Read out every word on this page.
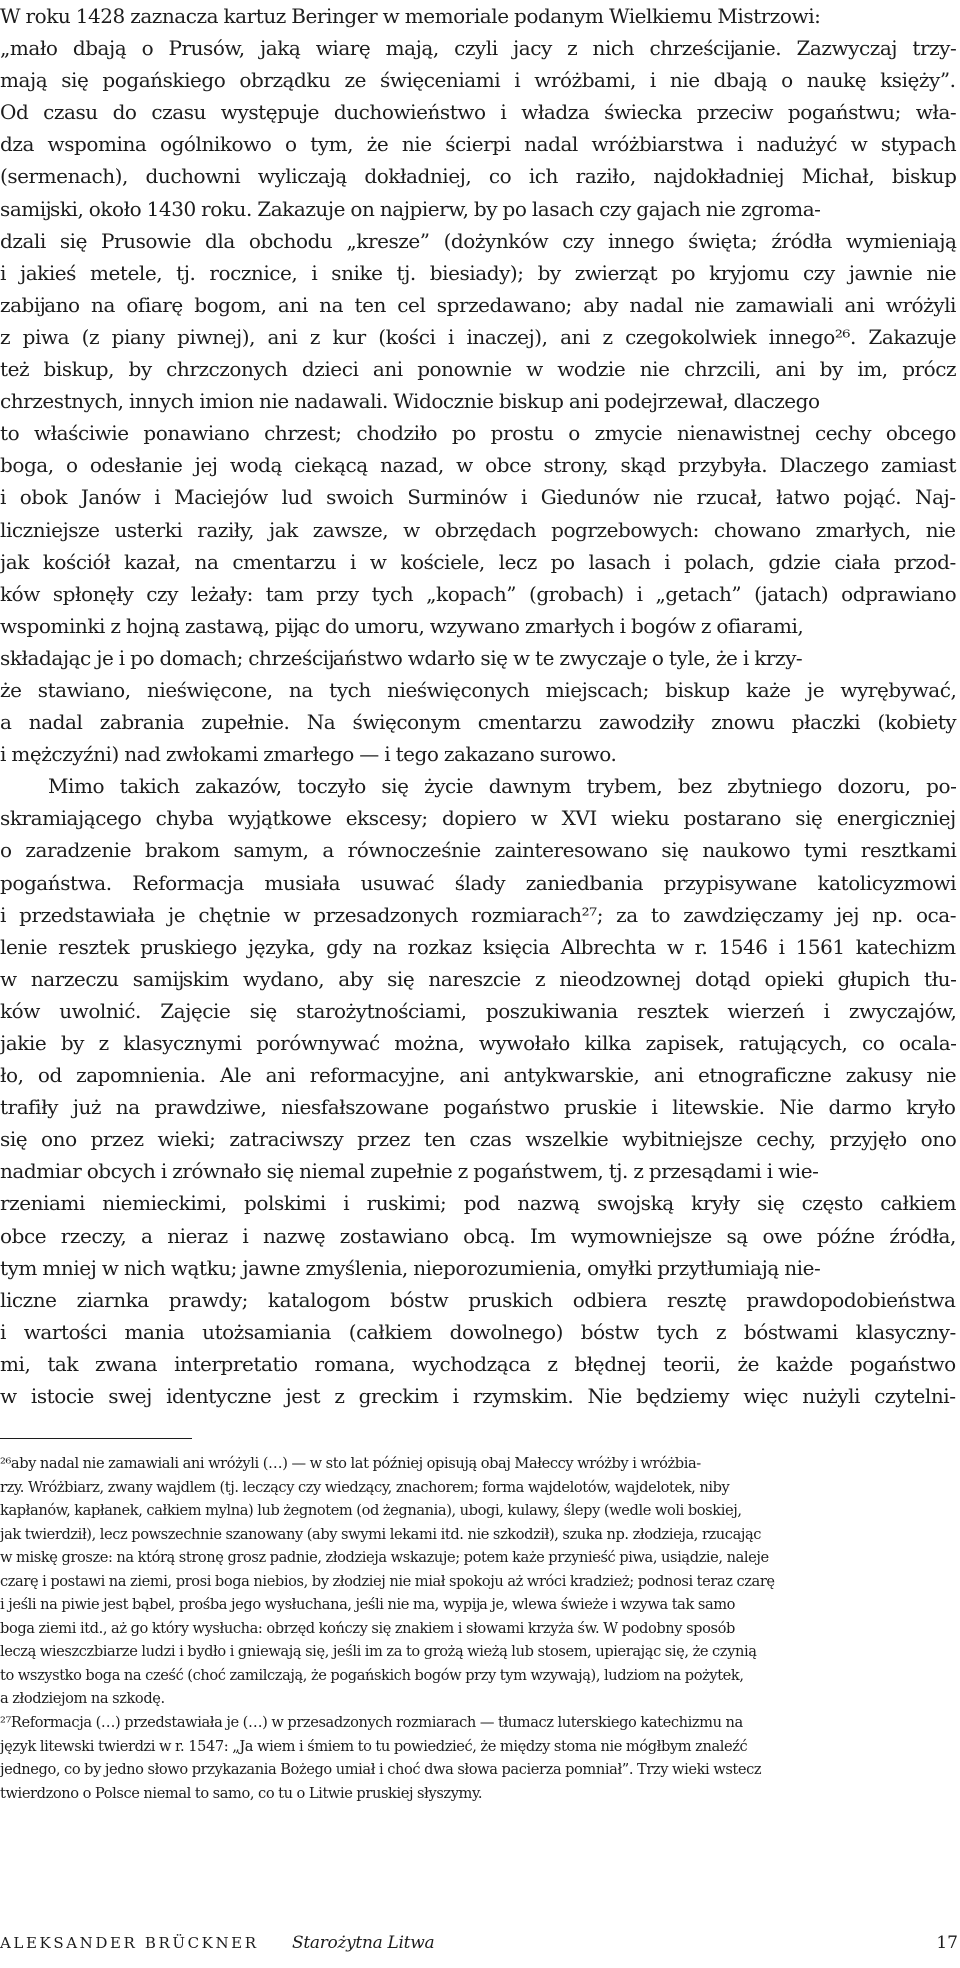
W roku 1428 zaznacza kartuz Beringer w memoriale podanym Wielkiemu Mistrzowi:
„mało dbają o Prusów, jaką wiarę mają, czyli jacy z nich chrześcĳanie. Zazwyczaj trzy-
mają się pogańskiego obrządku ze święceniami i wróżbami, i nie dbają o naukę księży”.
Od czasu do czasu występuje duchowieństwo i władza świecka przeciw pogaństwu; wła-
dza wspomina ogólnikowo o tym, że nie ścierpi nadal wróżbiarstwa i nadużyć w stypach
(sermenach), duchowni wyliczają dokładniej, co ich raziło, najdokładniej Michał, biskup
samĳski, około 1430 roku. Zakazuje on najpierw, by po lasach czy gajach nie zgroma-
dzali się Prusowie dla obchodu „kresze” (dożynków czy innego święta; źródła wymieniają
i jakieś metele, tj. rocznice, i snike tj. biesiady); by zwierząt po kryjomu czy jawnie nie
zabĳano na ofiarę bogom, ani na ten cel sprzedawano; aby nadal nie zamawiali ani wróżyli
z piwa (z piany piwnej), ani z kur (kości i inaczej), ani z czegokolwiek innego²⁶. Zakazuje
też biskup, by chrzczonych dzieci ani ponownie w wodzie nie chrzcili, ani by im, prócz
chrzestnych, innych imion nie nadawali. Widocznie biskup ani podejrzewał, dlaczego
to właściwie ponawiano chrzest; chodziło po prostu o zmycie nienawistnej cechy obcego
boga, o odesłanie jej wodą ciekącą nazad, w obce strony, skąd przybyła. Dlaczego zamiast
i obok Janów i Maciejów lud swoich Surminów i Giedunów nie rzucał, łatwo pojąć. Naj-
liczniejsze usterki raziły, jak zawsze, w obrzędach pogrzebowych: chowano zmarłych, nie
jak kościół kazał, na cmentarzu i w kościele, lecz po lasach i polach, gdzie ciała przod-
ków spłonęły czy leżały: tam przy tych „kopach” (grobach) i „getach” (jatach) odprawiano
wspominki z hojną zastawą, pĳąc do umoru, wzywano zmarłych i bogów z ofiarami,
składając je i po domach; chrześcĳaństwo wdarło się w te zwyczaje o tyle, że i krzy-
że stawiano, nieświęcone, na tych nieświęconych miejscach; biskup każe je wyrębywać,
a nadal zabrania zupełnie. Na święconym cmentarzu zawodziły znowu płaczki (kobiety
i mężczyźni) nad zwłokami zmarłego — i tego zakazano surowo.
Mimo takich zakazów, toczyło się życie dawnym trybem, bez zbytniego dozoru, po-
skramiającego chyba wyjątkowe ekscesy; dopiero w XVI wieku postarano się energiczniej
o zaradzenie brakom samym, a równocześnie zainteresowano się naukowo tymi resztkami
pogaństwa. Reformacja musiała usuwać ślady zaniedbania przypisywane katolicyzmowi
i przedstawiała je chętnie w przesadzonych rozmiarach²⁷; za to zawdzięczamy jej np. oca-
lenie resztek pruskiego języka, gdy na rozkaz księcia Albrechta w r. 1546 i 1561 katechizm
w narzeczu samĳskim wydano, aby się nareszcie z nieodzownej dotąd opieki głupich tłu-
ków uwolnić. Zajęcie się starożytnościami, poszukiwania resztek wierzeń i zwyczajów,
jakie by z klasycznymi porównywać można, wywołało kilka zapisek, ratujących, co ocala-
ło, od zapomnienia. Ale ani reformacyjne, ani antykwarskie, ani etnograficzne zakusy nie
trafiły już na prawdziwe, niesfałszowane pogaństwo pruskie i litewskie. Nie darmo kryło
się ono przez wieki; zatraciwszy przez ten czas wszelkie wybitniejsze cechy, przyjęło ono
nadmiar obcych i zrównało się niemal zupełnie z pogaństwem, tj. z przesądami i wie-
rzeniami niemieckimi, polskimi i ruskimi; pod nazwą swojską kryły się często całkiem
obce rzeczy, a nieraz i nazwę zostawiano obcą. Im wymowniejsze są owe późne źródła,
tym mniej w nich wątku; jawne zmyślenia, nieporozumienia, omyłki przytłumiają nie-
liczne ziarnka prawdy; katalogom bóstw pruskich odbiera resztę prawdopodobieństwa
i wartości mania utożsamiania (całkiem dowolnego) bóstw tych z bóstwami klasyczny-
mi, tak zwana interpretatio romana, wychodząca z błędnej teorii, że każde pogaństwo
w istocie swej identyczne jest z greckim i rzymskim. Nie będziemy więc nużyli czytelni-
²⁶aby nadal nie zamawiali ani wróżyli (…) — w sto lat później opisują obaj Małeccy wróżby i wróżbia-
rzy. Wróżbiarz, zwany wajdlem (tj. leczący czy wiedzący, znachorem; forma wajdelotów, wajdelotek, niby
kapłanów, kapłanek, całkiem mylna) lub żegnotem (od żegnania), ubogi, kulawy, ślepy (wedle woli boskiej,
jak twierdził), lecz powszechnie szanowany (aby swymi lekami itd. nie szkodził), szuka np. złodzieja, rzucając
w miskę grosze: na którą stronę grosz padnie, złodzieja wskazuje; potem każe przynieść piwa, usiądzie, naleje
czarę i postawi na ziemi, prosi boga niebios, by złodziej nie miał spokoju aż wróci kradzież; podnosi teraz czarę
i jeśli na piwie jest bąbel, prośba jego wysłuchana, jeśli nie ma, wypĳa je, wlewa świeże i wzywa tak samo
boga ziemi itd., aż go który wysłucha: obrzęd kończy się znakiem i słowami krzyża św. W podobny sposób
leczą wieszczbiarze ludzi i bydło i gniewają się, jeśli im za to grożą wieżą lub stosem, upierając się, że czynią
to wszystko boga na cześć (choć zamilczają, że pogańskich bogów przy tym wzywają), ludziom na pożytek,
a złodziejom na szkodę.
²⁷Reformacja (…) przedstawiała je (…) w przesadzonych rozmiarach — tłumacz luterskiego katechizmu na
język litewski twierdzi w r. 1547: „Ja wiem i śmiem to tu powiedzieć, że między stoma nie mógłbym znaleźć
jednego, co by jedno słowo przykazania Bożego umiał i choć dwa słowa pacierza pomniał”. Trzy wieki wstecz
twierdzono o Polsce niemal to samo, co tu o Litwie pruskiej słyszymy.
ALEKSANDER BRÜCKNER Starożytna Litwa	17
